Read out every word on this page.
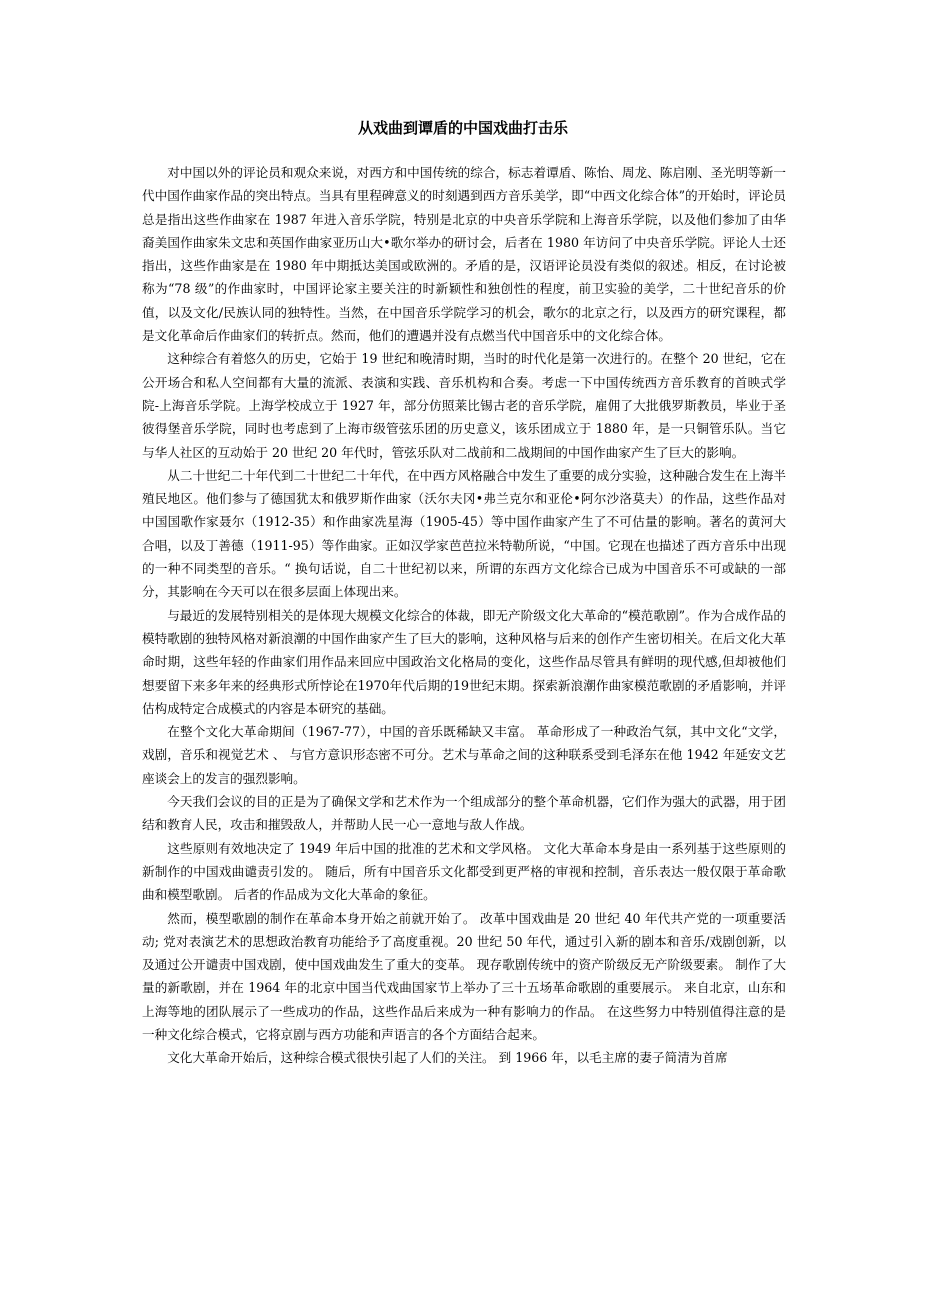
从戏曲到谭盾的中国戏曲打击乐

对中国以外的评论员和观众来说，对西方和中国传统的综合，标志着谭盾、陈怡、周龙、陈启刚、圣光明等新一代中国作曲家作品的突出特点。当具有里程碑意义的时刻遇到西方音乐美学，即“中西文化综合体”的开始时，评论员总是指出这些作曲家在 1987 年进入音乐学院，特别是北京的中央音乐学院和上海音乐学院，以及他们参加了由华裔美国作曲家朱文忠和英国作曲家亚历山大•歌尔举办的研讨会，后者在 1980 年访问了中央音乐学院。评论人士还指出，这些作曲家是在 1980 年中期抵达美国或欧洲的。矛盾的是，汉语评论员没有类似的叙述。相反，在讨论被称为“78 级”的作曲家时，中国评论家主要关注的时新颖性和独创性的程度，前卫实验的美学，二十世纪音乐的价值，以及文化/民族认同的独特性。当然，在中国音乐学院学习的机会，歌尔的北京之行，以及西方的研究课程，都是文化革命后作曲家们的转折点。然而，他们的遭遇并没有点燃当代中国音乐中的文化综合体。

这种综合有着悠久的历史，它始于 19 世纪和晚清时期，当时的时代化是第一次进行的。在整个 20 世纪，它在公开场合和私人空间都有大量的流派、表演和实践、音乐机构和合奏。考虑一下中国传统西方音乐教育的首映式学院-上海音乐学院。上海学校成立于 1927 年，部分仿照莱比锡古老的音乐学院，雇佣了大批俄罗斯教员，毕业于圣彼得堡音乐学院，同时也考虑到了上海市级管弦乐团的历史意义，该乐团成立于 1880 年，是一只铜管乐队。当它与华人社区的互动始于 20 世纪 20 年代时，管弦乐队对二战前和二战期间的中国作曲家产生了巨大的影响。

从二十世纪二十年代到二十世纪二十年代，在中西方风格融合中发生了重要的成分实验，这种融合发生在上海半殖民地区。他们参与了德国犹太和俄罗斯作曲家（沃尔夫冈•弗兰克尔和亚伦•阿尔沙洛莫夫）的作品，这些作品对中国国歌作家聂尔（1912-35）和作曲家冼星海（1905-45）等中国作曲家产生了不可估量的影响。著名的黄河大合唱，以及丁善德（1911-95）等作曲家。正如汉学家芭芭拉米特勒所说，“中国。它现在也描述了西方音乐中出现的一种不同类型的音乐。“ 换句话说，自二十世纪初以来，所谓的东西方文化综合已成为中国音乐不可或缺的一部分，其影响在今天可以在很多层面上体现出来。

与最近的发展特别相关的是体现大规模文化综合的体裁，即无产阶级文化大革命的“模范歌剧”。作为合成作品的模特歌剧的独特风格对新浪潮的中国作曲家产生了巨大的影响，这种风格与后来的创作产生密切相关。在后文化大革命时期，这些年轻的作曲家们用作品来回应中国政治文化格局的变化，这些作品尽管具有鲜明的现代感,但却被他们想要留下来多年来的经典形式所悖论在1970年代后期的19世纪末期。探索新浪潮作曲家模范歌剧的矛盾影响，并评估构成特定合成模式的内容是本研究的基础。

在整个文化大革命期间（1967-77），中国的音乐既稀缺又丰富。 革命形成了一种政治气氛，其中文化“文学，戏剧，音乐和视觉艺术 、 与官方意识形态密不可分。艺术与革命之间的这种联系受到毛泽东在他 1942 年延安文艺座谈会上的发言的强烈影响。

今天我们会议的目的正是为了确保文学和艺术作为一个组成部分的整个革命机器，它们作为强大的武器，用于团结和教育人民，攻击和摧毁敌人，并帮助人民一心一意地与敌人作战。

这些原则有效地决定了 1949 年后中国的批准的艺术和文学风格。 文化大革命本身是由一系列基于这些原则的新制作的中国戏曲谴责引发的。 随后，所有中国音乐文化都受到更严格的审视和控制，音乐表达一般仅限于革命歌曲和模型歌剧。 后者的作品成为文化大革命的象征。

然而，模型歌剧的制作在革命本身开始之前就开始了。 改革中国戏曲是 20 世纪 40 年代共产党的一项重要活动; 党对表演艺术的思想政治教育功能给予了高度重视。20 世纪 50 年代，通过引入新的剧本和音乐/戏剧创新，以及通过公开谴责中国戏剧，使中国戏曲发生了重大的变革。 现存歌剧传统中的资产阶级反无产阶级要素。 制作了大量的新歌剧，并在 1964 年的北京中国当代戏曲国家节上举办了三十五场革命歌剧的重要展示。 来自北京，山东和上海等地的团队展示了一些成功的作品，这些作品后来成为一种有影响力的作品。 在这些努力中特别值得注意的是一种文化综合模式，它将京剧与西方功能和声语言的各个方面结合起来。

文化大革命开始后，这种综合模式很快引起了人们的关注。 到 1966 年，以毛主席的妻子简清为首席
